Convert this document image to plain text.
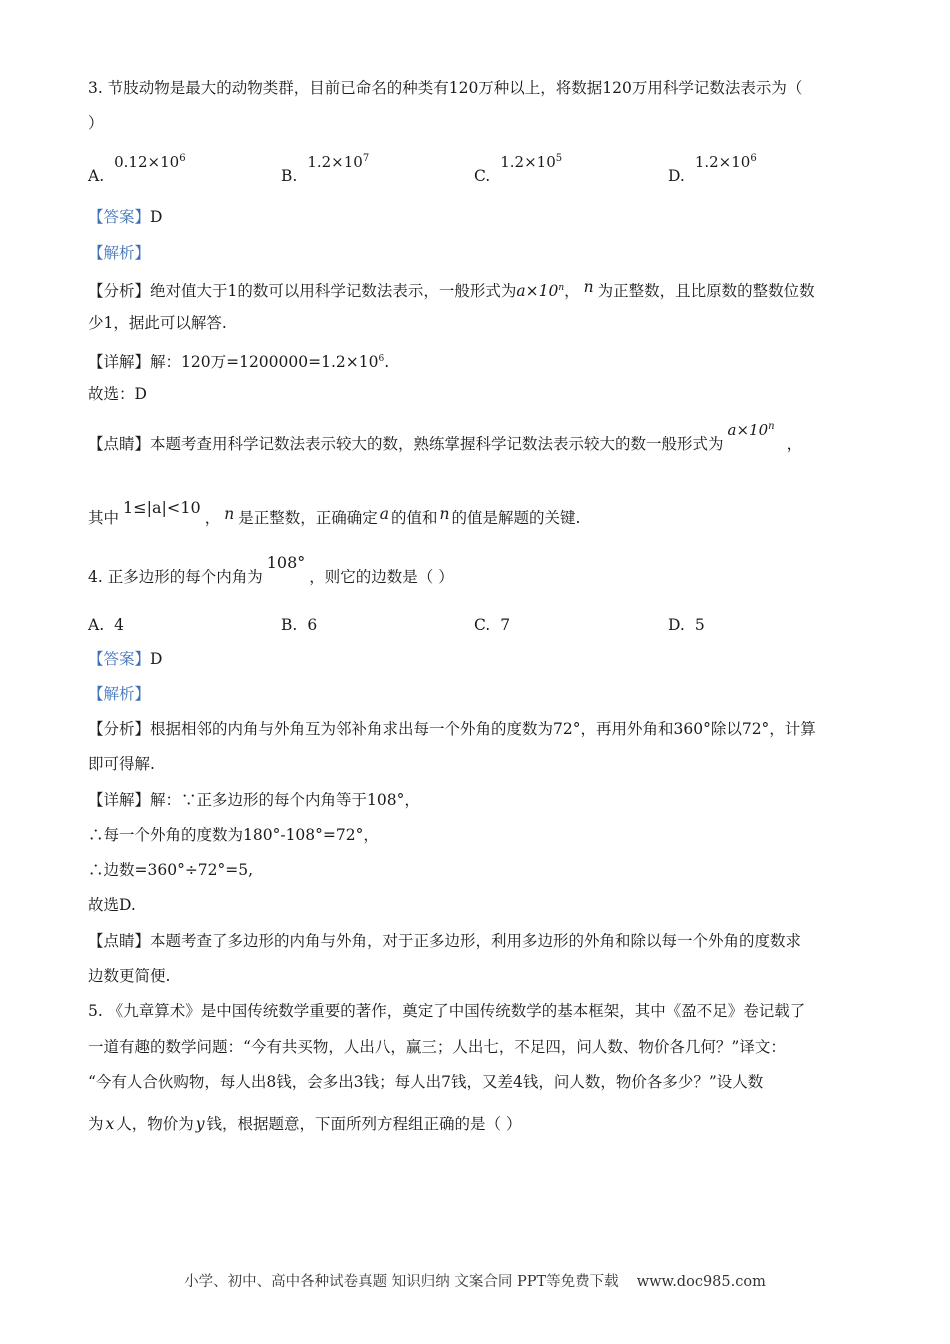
3. 节肢动物是最大的动物类群，目前已命名的种类有120万种以上，将数据120万用科学记数法表示为（
）
$A.0.12\times 10^6$
$B.1.2\times 10^7$
$C.1.2\times 10^5$
$D.1.2\times 10^6$
【答案】D
【解析】
【分析】绝对值大于1的数可以用科学记数法表示，一般形式为$a\times 10^n$， n 为正整数，且比原数的整数位数
少1，据此可以解答.
【详解】解：120万$=1200000=1.2\times 10^6$.
故选：D
【点睛】本题考查用科学记数法表示较大的数，熟练掌握科学记数法表示较大的数一般形式为$a\times 10^n$，
其中1≤|a|<10， n 是正整数，正确确定 a 的值和 n 的值是解题的关键.
4. 正多边形的每个内角为108°，则它的边数是（ ）
A. 4	B. 6	C. 7	D. 5
【答案】D
【解析】
【分析】根据相邻的内角与外角互为邻补角求出每一个外角的度数为72°，再用外角和360°除以72°，计算
即可得解.
【详解】解：∵正多边形的每个内角等于108°，
∴每一个外角的度数为180°-108°=72°，
∴边数=360°÷72°=5,
故选D.
【点睛】本题考查了多边形的内角与外角，对于正多边形，利用多边形的外角和除以每一个外角的度数求
边数更简便.
5. 《九章算术》是中国传统数学重要的著作，奠定了中国传统数学的基本框架，其中《盈不足》卷记载了
一道有趣的数学问题：“今有共买物，人出八，赢三；人出七，不足四，问人数、物价各几何？”译文：
“今有人合伙购物，每人出8钱，会多出3钱；每人出7钱，又差4钱，问人数，物价各多少？”设人数
为 x 人，物价为 y 钱，根据题意，下面所列方程组正确的是（ ）
小学、初中、高中各种试卷真题 知识归纳 文案合同 PPT等免费下载 www.doc985.com
